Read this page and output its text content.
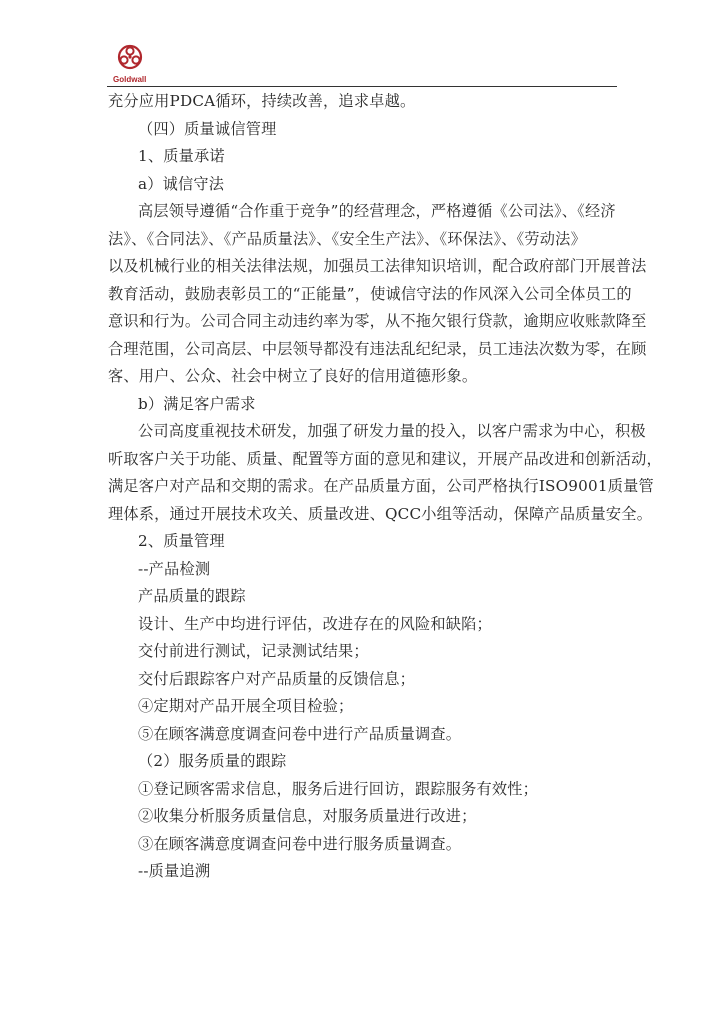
Goldwall
充分应用PDCA循环，持续改善，追求卓越。
（四）质量诚信管理
1、质量承诺
a）诚信守法
高层领导遵循“合作重于竞争”的经营理念，严格遵循《公司法》、《经济
法》、《合同法》、《产品质量法》、《安全生产法》、《环保法》、《劳动法》
以及机械行业的相关法律法规，加强员工法律知识培训，配合政府部门开展普法
教育活动，鼓励表彰员工的“正能量”，使诚信守法的作风深入公司全体员工的
意识和行为。公司合同主动违约率为零，从不拖欠银行贷款，逾期应收账款降至
合理范围，公司高层、中层领导都没有违法乱纪纪录，员工违法次数为零，在顾
客、用户、公众、社会中树立了良好的信用道德形象。
b）满足客户需求
公司高度重视技术研发，加强了研发力量的投入，以客户需求为中心，积极
听取客户关于功能、质量、配置等方面的意见和建议，开展产品改进和创新活动，
满足客户对产品和交期的需求。在产品质量方面，公司严格执行ISO9001质量管
理体系，通过开展技术攻关、质量改进、QCC小组等活动，保障产品质量安全。
2、质量管理
--产品检测
产品质量的跟踪
设计、生产中均进行评估，改进存在的风险和缺陷；
交付前进行测试，记录测试结果；
交付后跟踪客户对产品质量的反馈信息；
④定期对产品开展全项目检验；
⑤在顾客满意度调查问卷中进行产品质量调查。
（2）服务质量的跟踪
①登记顾客需求信息，服务后进行回访，跟踪服务有效性；
②收集分析服务质量信息，对服务质量进行改进；
③在顾客满意度调查问卷中进行服务质量调查。
--质量追溯
